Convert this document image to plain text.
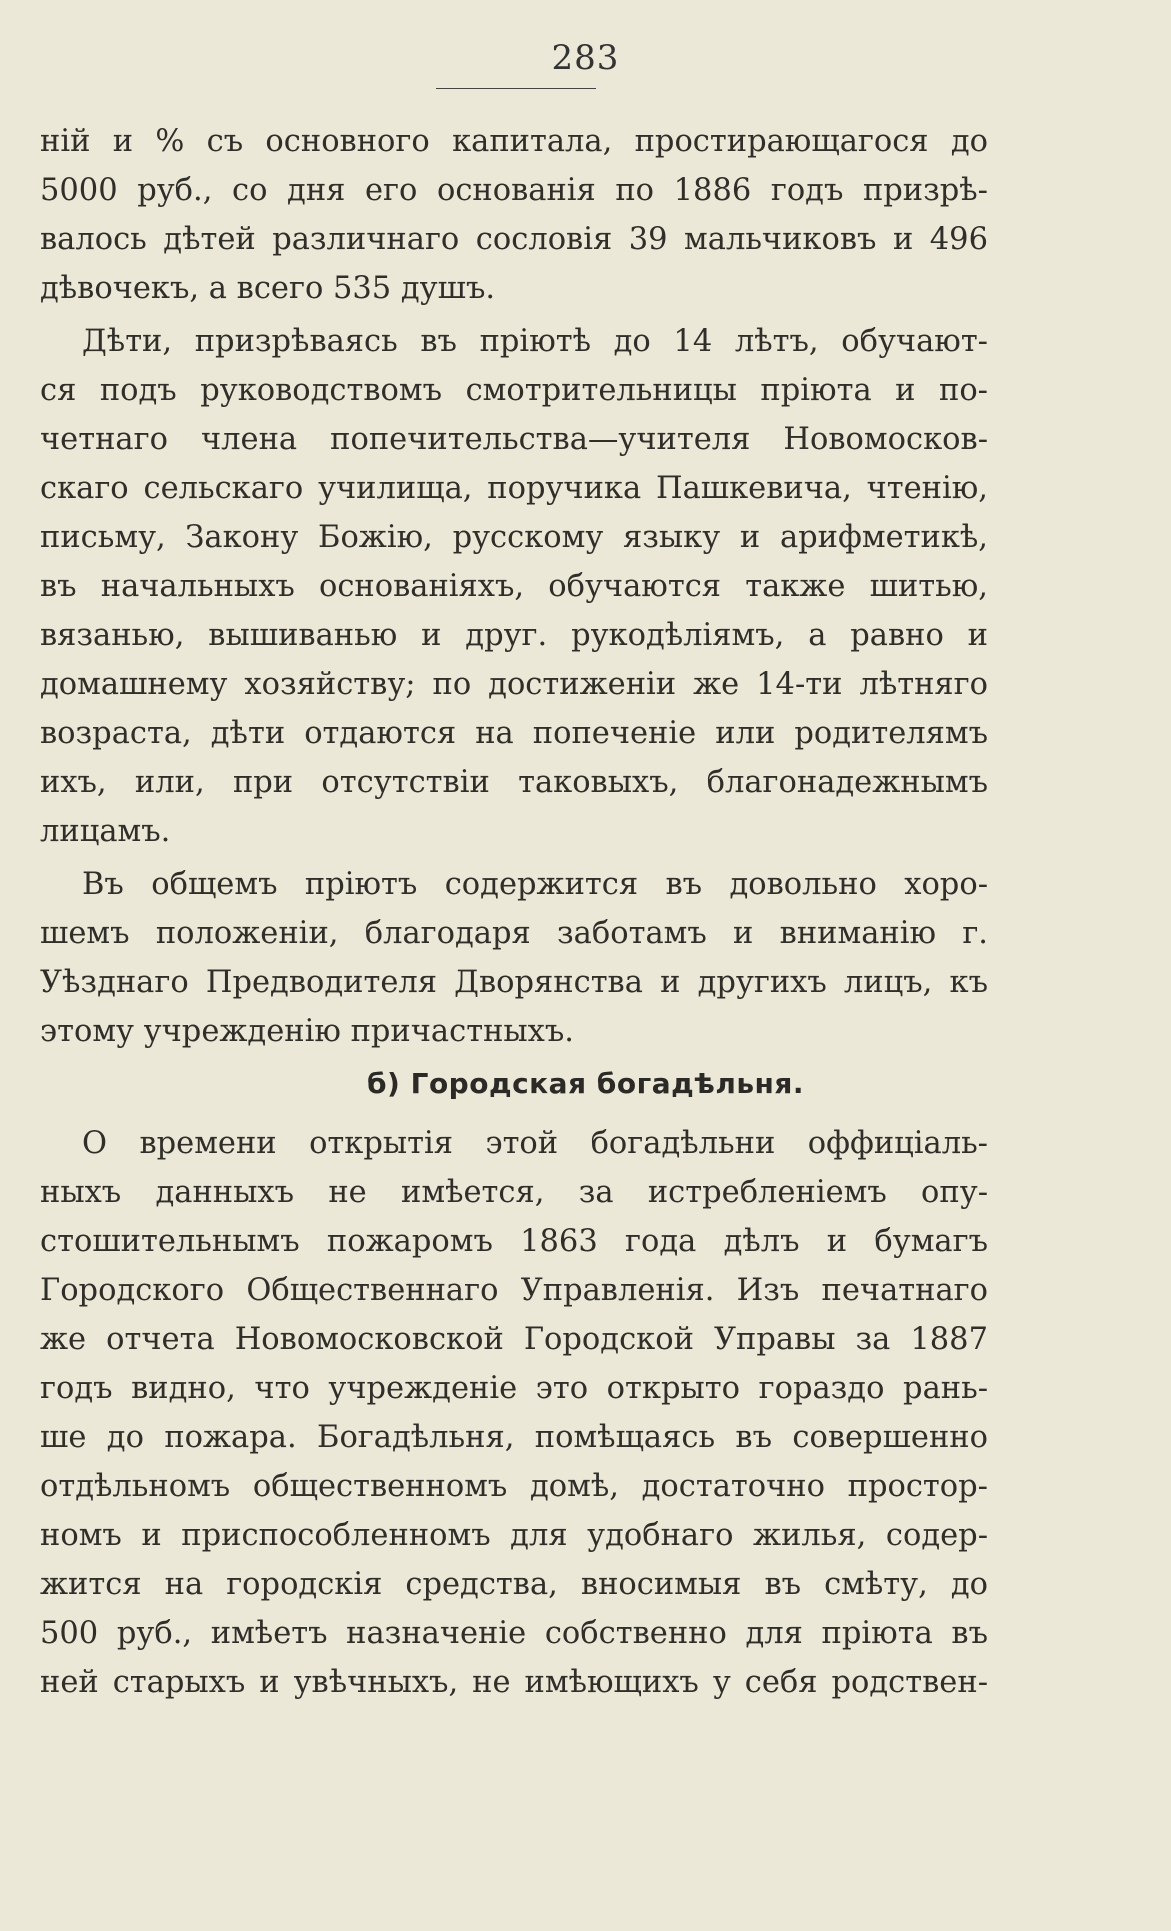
283
ній и % съ основного капитала, простирающагося до
5000 руб., со дня его основанія по 1886 годъ призрѣ-
валось дѣтей различнаго сословія 39 мальчиковъ и 496
дѣвочекъ, а всего 535 душъ.
Дѣти, призрѣваясь въ пріютѣ до 14 лѣтъ, обучают-
ся подъ руководствомъ смотрительницы пріюта и по-
четнаго члена попечительства—учителя Новомосков-
скаго сельскаго училища, поручика Пашкевича, чтенію,
письму, Закону Божію, русскому языку и арифметикѣ,
въ начальныхъ основаніяхъ, обучаются также шитью,
вязанью, вышиванью и друг. рукодѣліямъ, а равно и
домашнему хозяйству; по достиженіи же 14-ти лѣтняго
возраста, дѣти отдаются на попеченіе или родителямъ
ихъ, или, при отсутствіи таковыхъ, благонадежнымъ
лицамъ.
Въ общемъ пріютъ содержится въ довольно хоро-
шемъ положеніи, благодаря заботамъ и вниманію г.
Уѣзднаго Предводителя Дворянства и другихъ лицъ, къ
этому учрежденію причастныхъ.
б) Городская богадѣльня.
О времени открытія этой богадѣльни оффиціаль-
ныхъ данныхъ не имѣется, за истребленіемъ опу-
стошительнымъ пожаромъ 1863 года дѣлъ и бумагъ
Городского Общественнаго Управленія. Изъ печатнаго
же отчета Новомосковской Городской Управы за 1887
годъ видно, что учрежденіе это открыто гораздо рань-
ше до пожара. Богадѣльня, помѣщаясь въ совершенно
отдѣльномъ общественномъ домѣ, достаточно простор-
номъ и приспособленномъ для удобнаго жилья, содер-
жится на городскія средства, вносимыя въ смѣту, до
500 руб., имѣетъ назначеніе собственно для пріюта въ
ней старыхъ и увѣчныхъ, не имѣющихъ у себя родствен-
